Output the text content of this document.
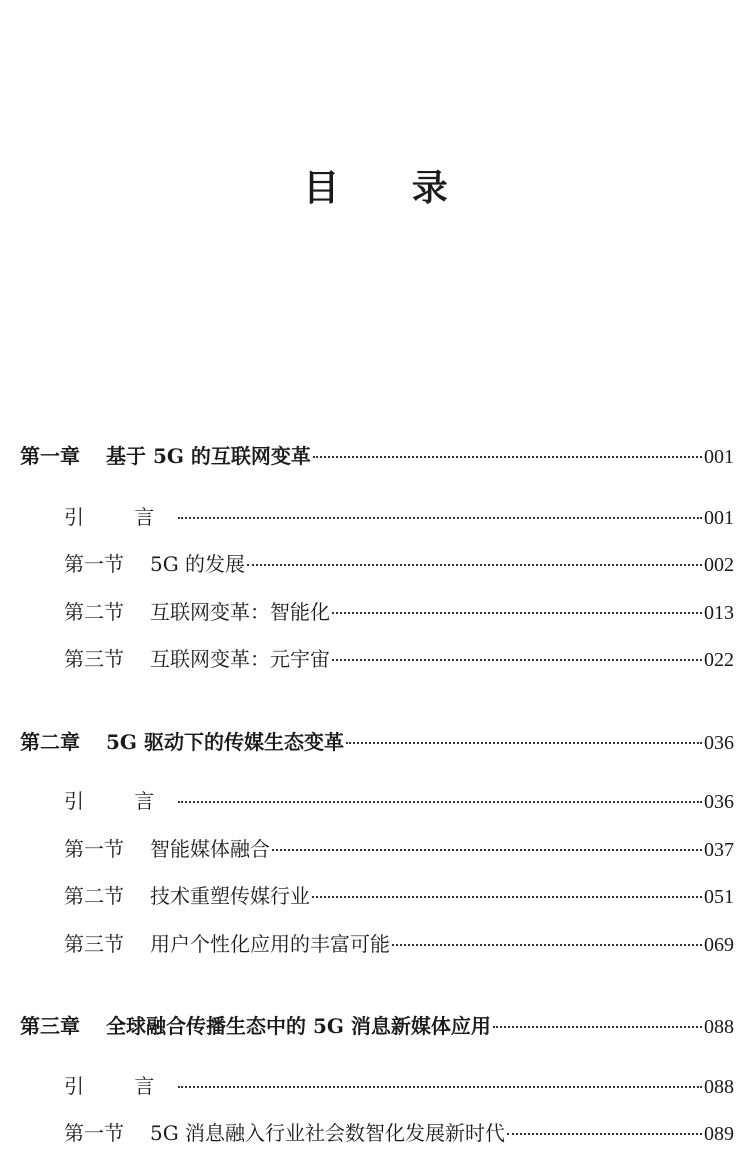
目 录
第一章 基于 5G 的互联网变革	001
引 言	001
第一节 5G 的发展	002
第二节 互联网变革：智能化	013
第三节 互联网变革：元宇宙	022
第二章 5G 驱动下的传媒生态变革	036
引 言	036
第一节 智能媒体融合	037
第二节 技术重塑传媒行业	051
第三节 用户个性化应用的丰富可能	069
第三章 全球融合传播生态中的 5G 消息新媒体应用	088
引 言	088
第一节 5G 消息融入行业社会数智化发展新时代	089
